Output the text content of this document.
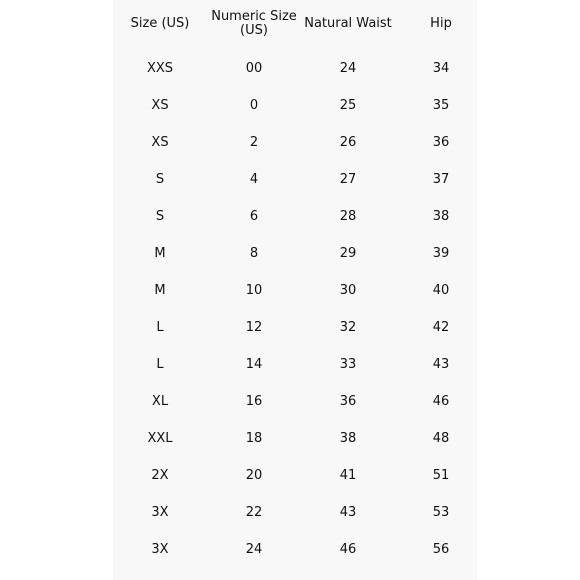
Size (US)	Numeric Size (US)	Natural Waist	Hip
XXS	00	24	34
XS	0	25	35
XS	2	26	36
S	4	27	37
S	6	28	38
M	8	29	39
M	10	30	40
L	12	32	42
L	14	33	43
XL	16	36	46
XXL	18	38	48
2X	20	41	51
3X	22	43	53
3X	24	46	56
